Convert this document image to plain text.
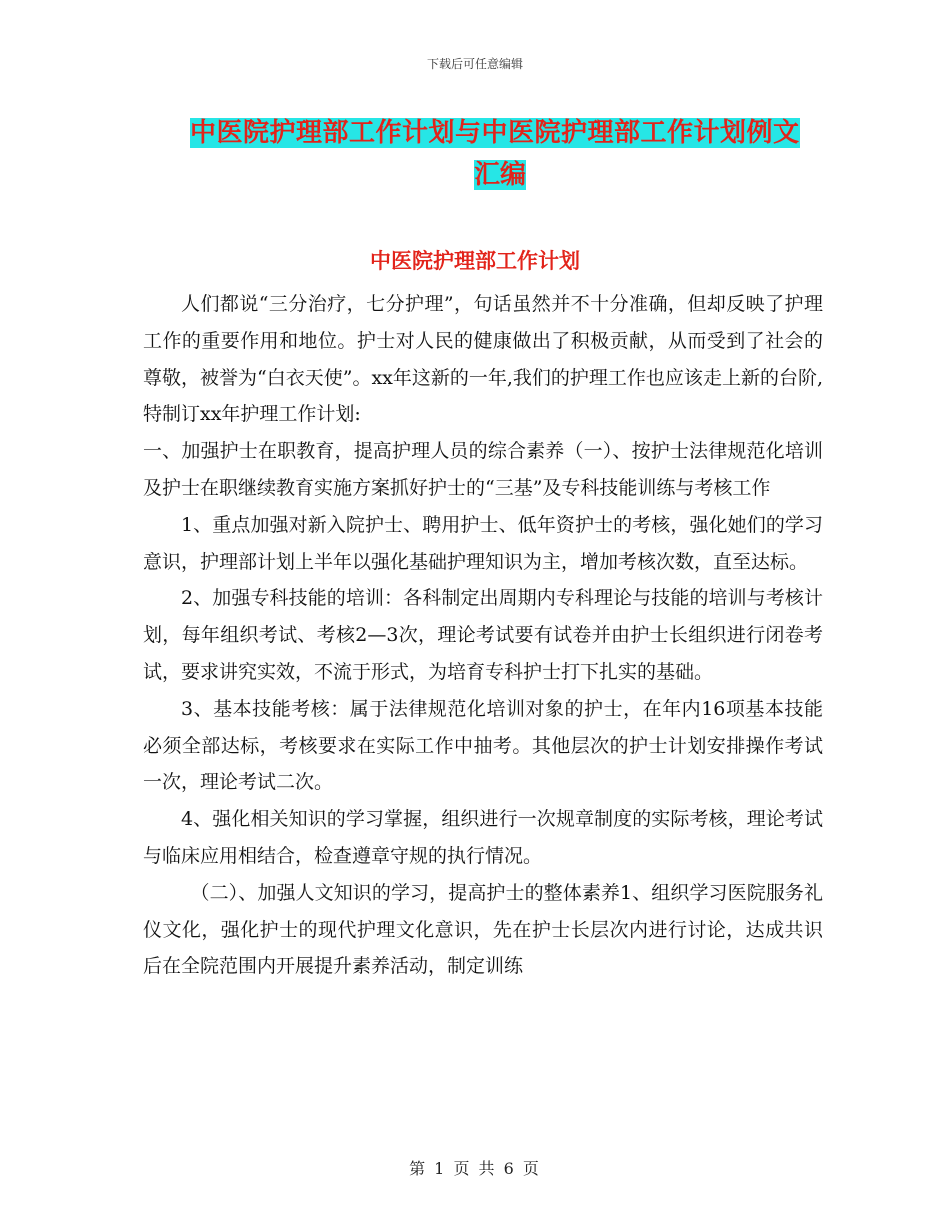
下载后可任意编辑
中医院护理部工作计划与中医院护理部工作计划例文
汇编
中医院护理部工作计划

人们都说“三分治疗，七分护理”，句话虽然并不十分准确，但却反映了护理工作的重要作用和地位。护士对人民的健康做出了积极贡献，从而受到了社会的尊敬，被誉为“白衣天使”。xx年这新的一年,我们的护理工作也应该走上新的台阶,特制订xx年护理工作计划:

一、加强护士在职教育，提高护理人员的综合素养（一）、按护士法律规范化培训及护士在职继续教育实施方案抓好护士的“三基”及专科技能训练与考核工作

1、重点加强对新入院护士、聘用护士、低年资护士的考核，强化她们的学习意识，护理部计划上半年以强化基础护理知识为主，增加考核次数，直至达标。

2、加强专科技能的培训：各科制定出周期内专科理论与技能的培训与考核计划，每年组织考试、考核2—3次，理论考试要有试卷并由护士长组织进行闭卷考试，要求讲究实效，不流于形式，为培育专科护士打下扎实的基础。

3、基本技能考核：属于法律规范化培训对象的护士，在年内16项基本技能必须全部达标，考核要求在实际工作中抽考。其他层次的护士计划安排操作考试一次，理论考试二次。

4、强化相关知识的学习掌握，组织进行一次规章制度的实际考核，理论考试与临床应用相结合，检查遵章守规的执行情况。

（二）、加强人文知识的学习，提高护士的整体素养1、组织学习医院服务礼仪文化，强化护士的现代护理文化意识，先在护士长层次内进行讨论，达成共识后在全院范围内开展提升素养活动，制定训练

第 1 页 共 6 页
